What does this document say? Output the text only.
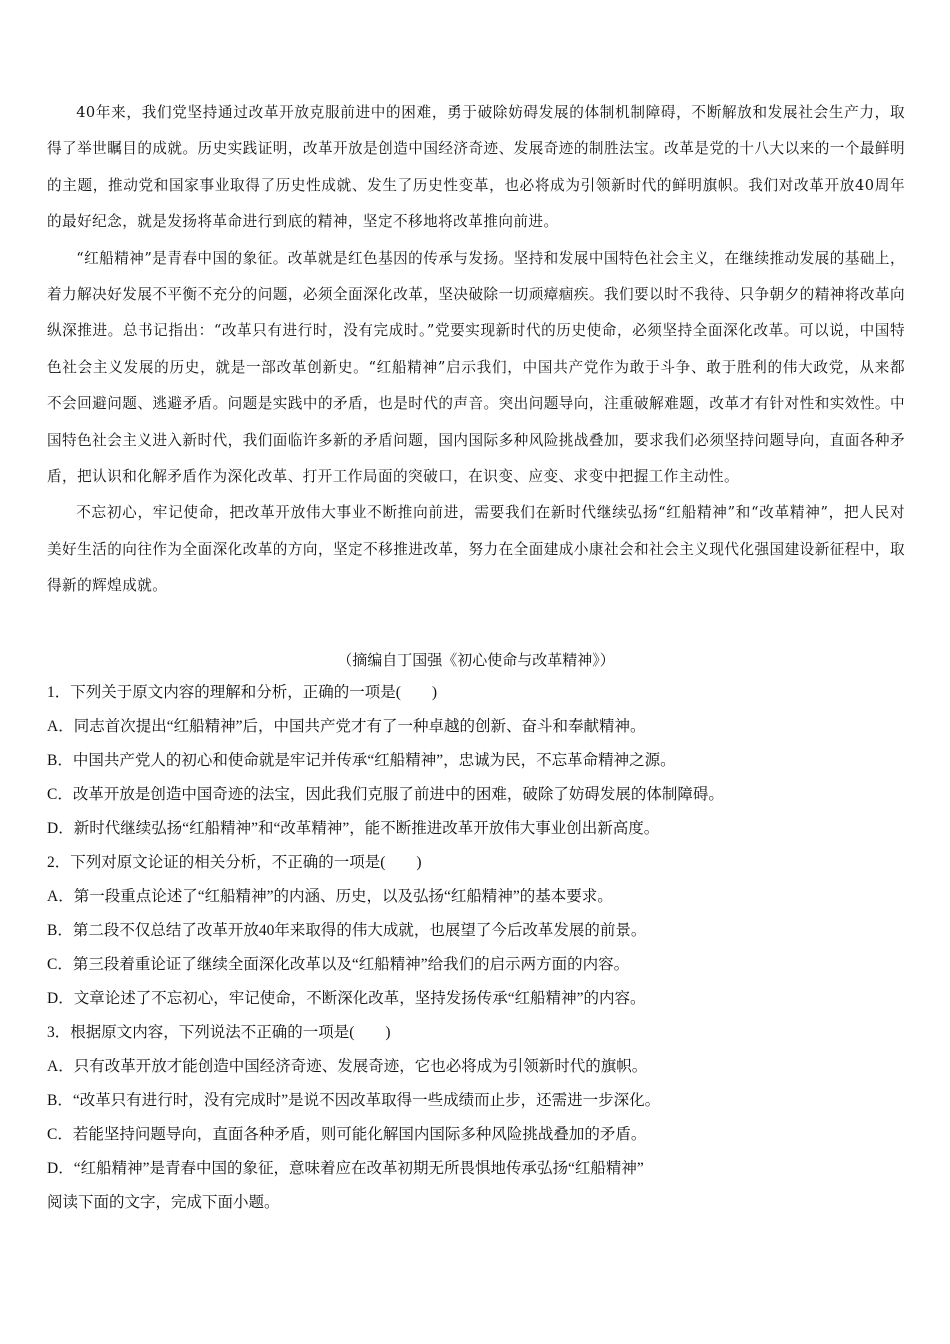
40年来，我们党坚持通过改革开放克服前进中的困难，勇于破除妨碍发展的体制机制障碍，不断解放和发展社会生产力，取得了举世瞩目的成就。历史实践证明，改革开放是创造中国经济奇迹、发展奇迹的制胜法宝。改革是党的十八大以来的一个最鲜明的主题，推动党和国家事业取得了历史性成就、发生了历史性变革，也必将成为引领新时代的鲜明旗帜。我们对改革开放40周年的最好纪念，就是发扬将革命进行到底的精神，坚定不移地将改革推向前进。

“红船精神”是青春中国的象征。改革就是红色基因的传承与发扬。坚持和发展中国特色社会主义，在继续推动发展的基础上，着力解决好发展不平衡不充分的问题，必须全面深化改革，坚决破除一切顽瘴痼疾。我们要以时不我待、只争朝夕的精神将改革向纵深推进。总书记指出：“改革只有进行时，没有完成时。”党要实现新时代的历史使命，必须坚持全面深化改革。可以说，中国特色社会主义发展的历史，就是一部改革创新史。“红船精神”启示我们，中国共产党作为敢于斗争、敢于胜利的伟大政党，从来都不会回避问题、逃避矛盾。问题是实践中的矛盾，也是时代的声音。突出问题导向，注重破解难题，改革才有针对性和实效性。中国特色社会主义进入新时代，我们面临许多新的矛盾问题，国内国际多种风险挑战叠加，要求我们必须坚持问题导向，直面各种矛盾，把认识和化解矛盾作为深化改革、打开工作局面的突破口，在识变、应变、求变中把握工作主动性。

不忘初心，牢记使命，把改革开放伟大事业不断推向前进，需要我们在新时代继续弘扬“红船精神”和“改革精神”，把人民对美好生活的向往作为全面深化改革的方向，坚定不移推进改革，努力在全面建成小康社会和社会主义现代化强国建设新征程中，取得新的辉煌成就。

（摘编自丁国强《初心使命与改革精神》）
1．下列关于原文内容的理解和分析，正确的一项是(　　)
A．同志首次提出“红船精神”后，中国共产党才有了一种卓越的创新、奋斗和奉献精神。
B．中国共产党人的初心和使命就是牢记并传承“红船精神”，忠诚为民，不忘革命精神之源。
C．改革开放是创造中国奇迹的法宝，因此我们克服了前进中的困难，破除了妨碍发展的体制障碍。
D．新时代继续弘扬“红船精神”和“改革精神”，能不断推进改革开放伟大事业创出新高度。
2．下列对原文论证的相关分析，不正确的一项是(　　)
A．第一段重点论述了“红船精神”的内涵、历史，以及弘扬“红船精神”的基本要求。
B．第二段不仅总结了改革开放40年来取得的伟大成就，也展望了今后改革发展的前景。
C．第三段着重论证了继续全面深化改革以及“红船精神”给我们的启示两方面的内容。
D．文章论述了不忘初心，牢记使命，不断深化改革，坚持发扬传承“红船精神”的内容。
3．根据原文内容，下列说法不正确的一项是(　　)
A．只有改革开放才能创造中国经济奇迹、发展奇迹，它也必将成为引领新时代的旗帜。
B．“改革只有进行时，没有完成时”是说不因改革取得一些成绩而止步，还需进一步深化。
C．若能坚持问题导向，直面各种矛盾，则可能化解国内国际多种风险挑战叠加的矛盾。
D．“红船精神”是青春中国的象征，意味着应在改革初期无所畏惧地传承弘扬“红船精神”
阅读下面的文字，完成下面小题。
